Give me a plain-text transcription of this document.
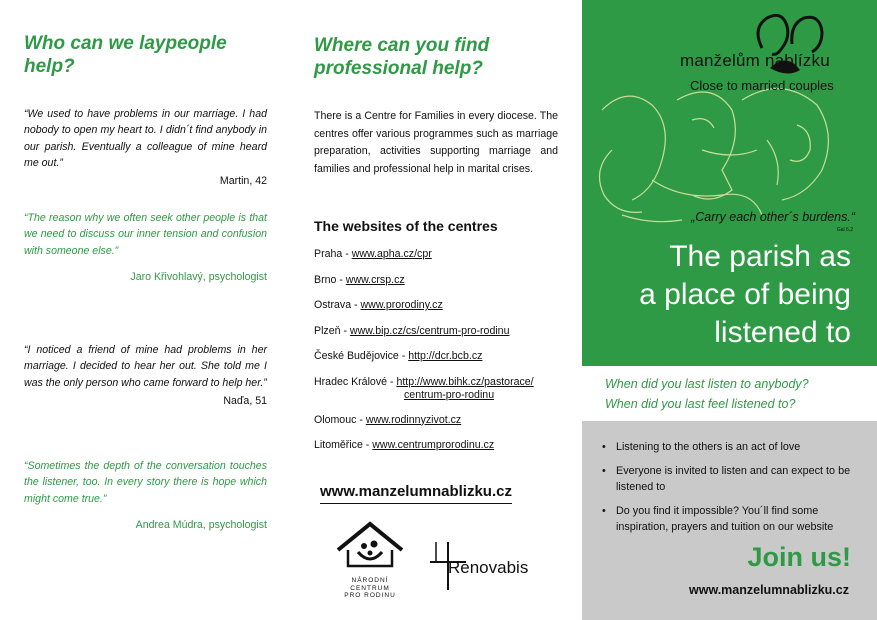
Who can we laypeople help?

“We used to have problems in our marriage. I had nobody to open my heart to. I didn´t find anybody in our parish. Eventually a colleague of mine heard me out.”

Martin, 42

“The reason why we often seek other people is that we need to discuss our inner tension and confusion with someone else.”

Jaro Křivohlavý, psychologist

“I noticed a friend of mine had problems in her marriage. I decided to hear her out. She told me I was the only person who came forward to help her.”

Naďa, 51

“Sometimes the depth of the conversation touches the listener, too. In every story there is hope which might come true.”

Andrea Múdra, psychologist
Where can you find professional help?

There is a Centre for Families in every diocese. The centres offer various programmes such as marriage preparation, activities supporting marriage and families and professional help in marital crises.

The websites of the centres
Praha - www.apha.cz/cpr
Brno - www.crsp.cz
Ostrava - www.prorodiny.cz
Plzeň - www.bip.cz/cs/centrum-pro-rodinu
České Budějovice - http://dcr.bcb.cz
Hradec Králové - http://www.bihk.cz/pastorace/
centrum-pro-rodinu
Olomouc - www.rodinnyzivot.cz
Litoměřice - www.centrumprorodinu.cz
www.manzelumnablizku.cz
NÁRODNÍ
CENTRUM
PRO RODINU
Renovabis
manželům nablízku
Close to married couples
„Carry each other´s burdens.“
Gal 6,2
The parish as
a place of being
listened to
When did you last listen to anybody?
When did you last feel listened to?
• Listening to the others is an act of love
• Everyone is invited to listen and can expect to be listened to
• Do you find it impossible? You´ll find some inspiration, prayers and tuition on our website
Join us!
www.manzelumnablizku.cz
